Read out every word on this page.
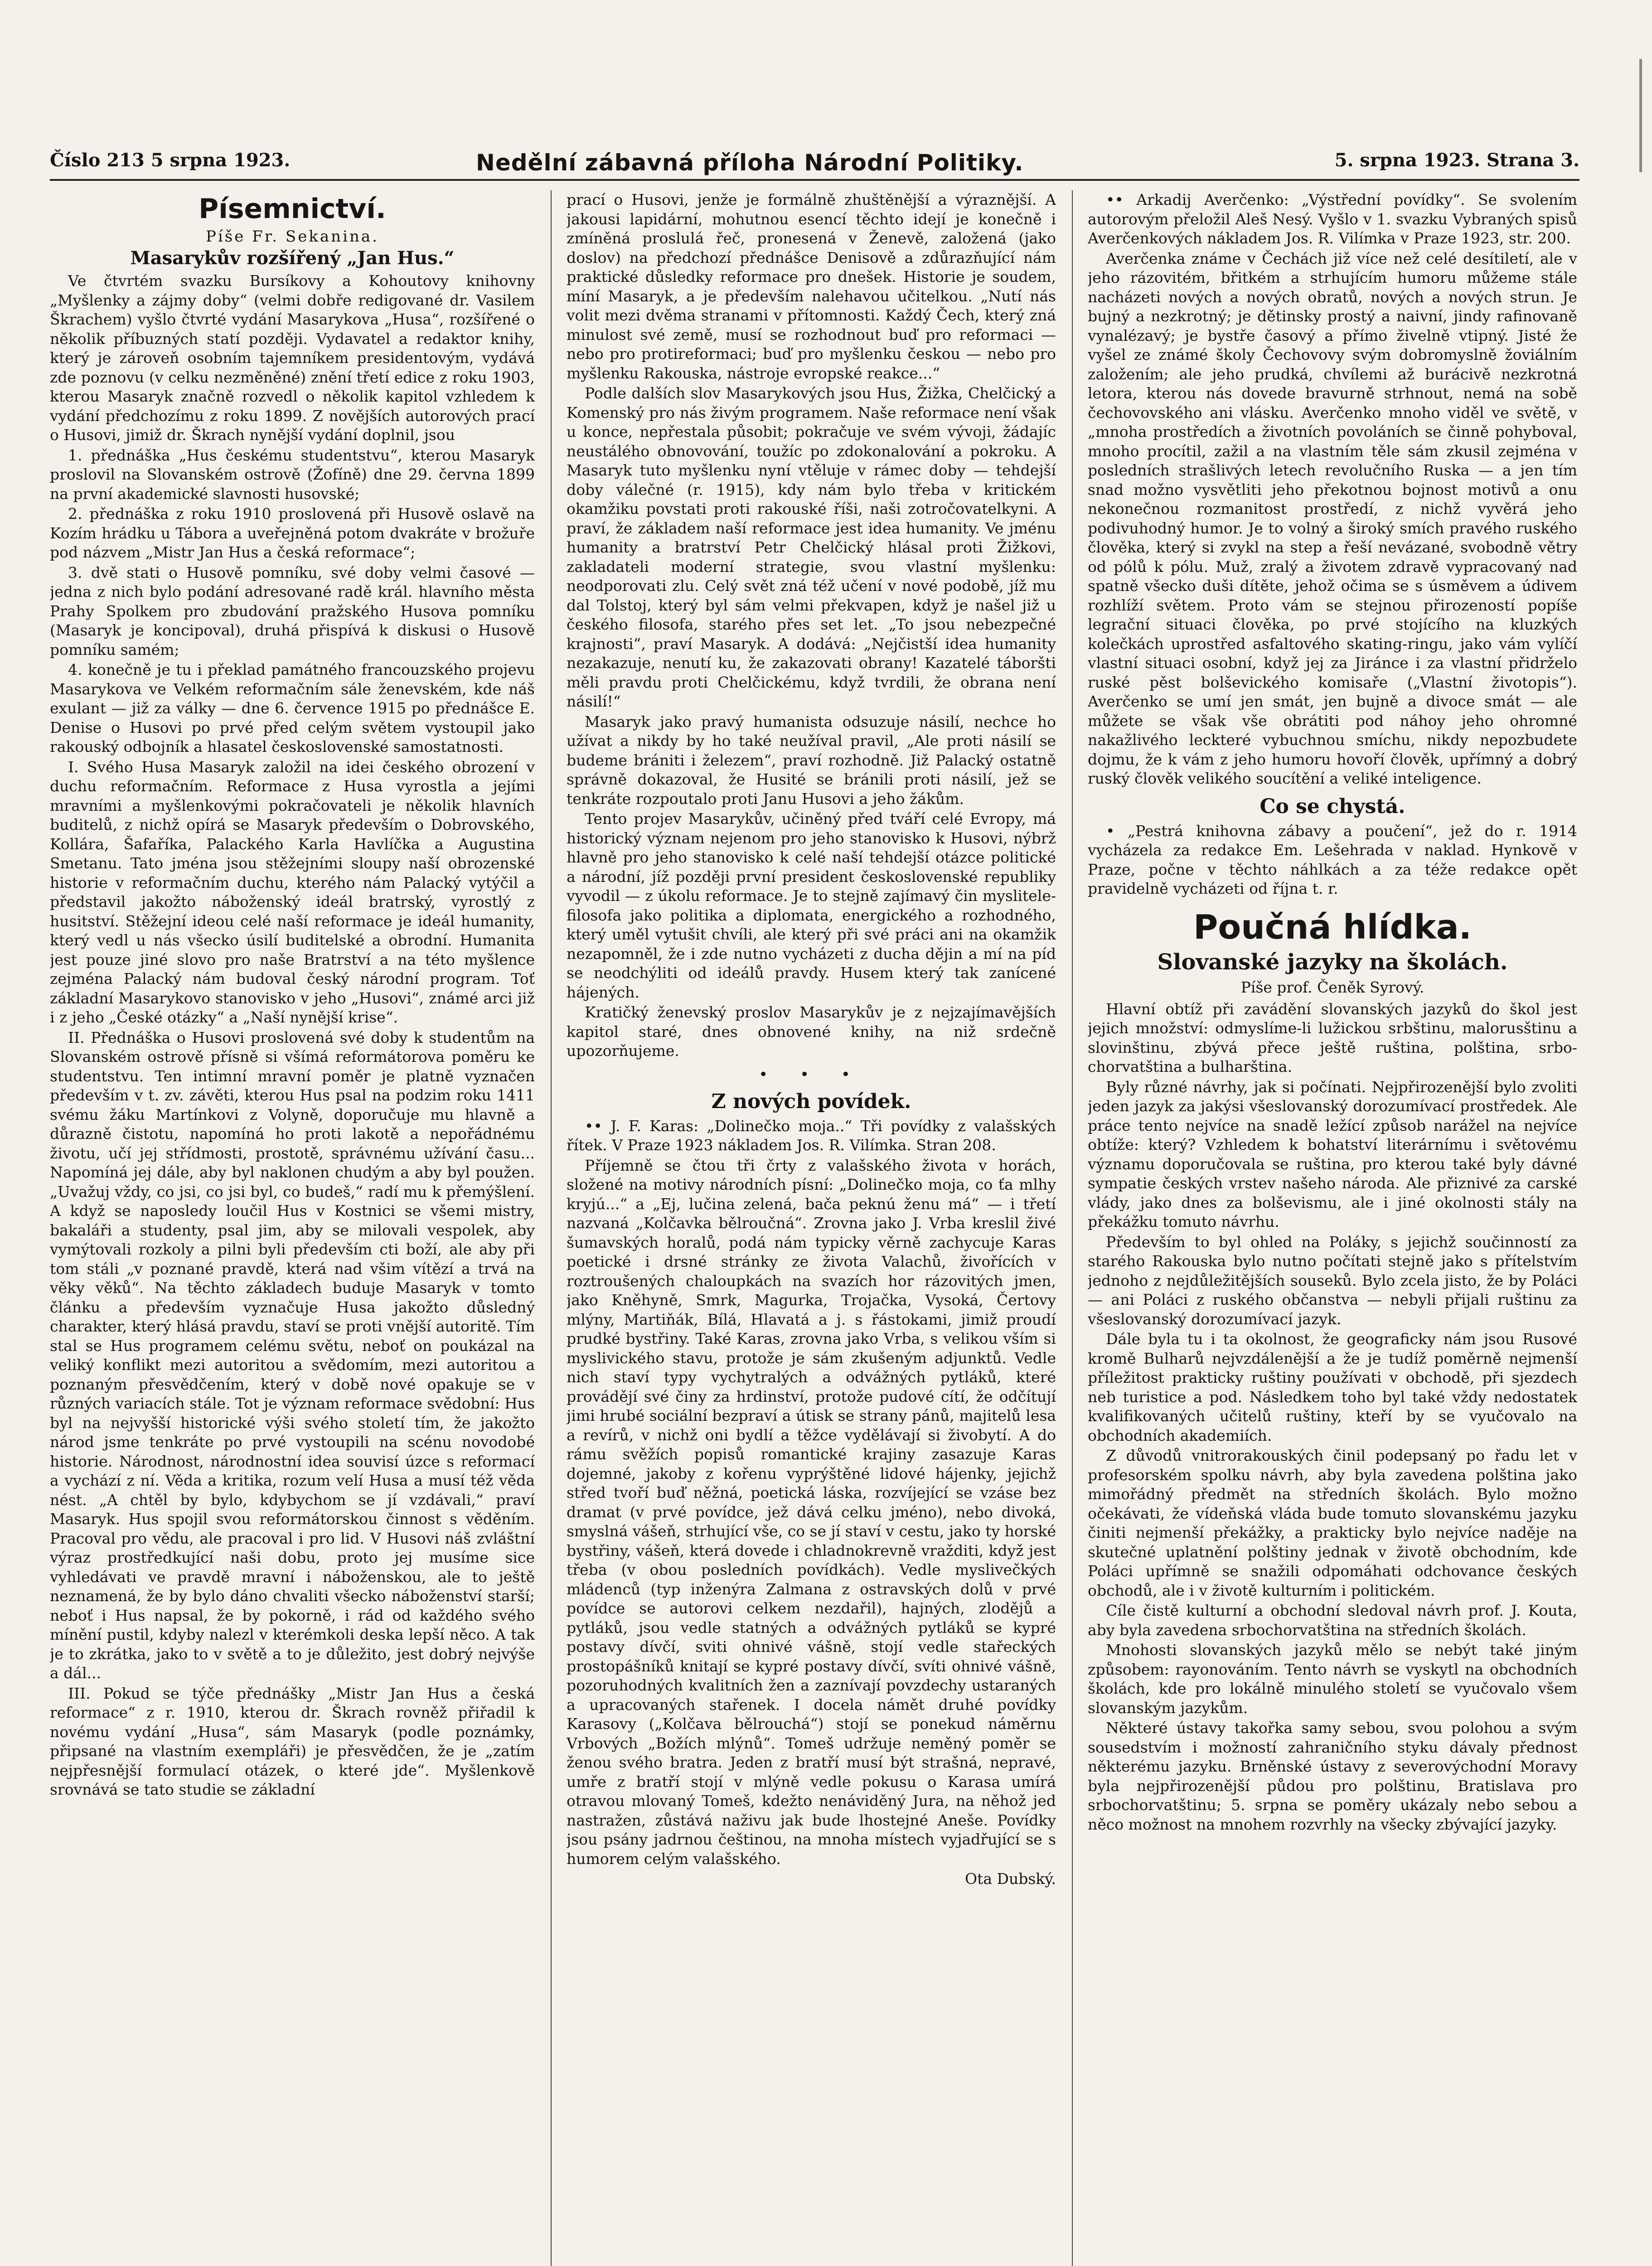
Číslo 213 5 srpna 1923.	Nedělní zábavná příloha Národní Politiky.	5. srpna 1923. Strana 3.
Písemnictví.
Píše Fr. Sekanina.
Masarykův rozšířený „Jan Hus.“

Ve čtvrtém svazku Bursíkovy a Kohoutovy knihovny „Myšlenky a zájmy doby“ (velmi dobře redigované dr. Vasilem Škrachem) vyšlo čtvrté vydání Masarykova „Husa“, rozšířené o několik příbuzných statí později. Vydavatel a redaktor knihy, který je zároveň osobním tajemníkem presidentovým, vydává zde poznovu (v celku nezměněné) znění třetí edice z roku 1903, kterou Masaryk značně rozvedl o několik kapitol vzhledem k vydání předchozímu z roku 1899. Z novějších autorových prací o Husovi, jimiž dr. Škrach nynější vydání doplnil, jsou

1. přednáška „Hus českému studentstvu“, kterou Masaryk proslovil na Slovanském ostrově (Žofíně) dne 29. června 1899 na první akademické slavnosti husovské;

2. přednáška z roku 1910 proslovená při Husově oslavě na Kozím hrádku u Tábora a uveřejněná potom dvakráte v brožuře pod názvem „Mistr Jan Hus a česká reformace“;

3. dvě stati o Husově pomníku, své doby velmi časové — jedna z nich bylo podání adresované radě král. hlavního města Prahy Spolkem pro zbudování pražského Husova pomníku (Masaryk je koncipoval), druhá přispívá k diskusi o Husově pomníku samém;

4. konečně je tu i překlad památného francouzského projevu Masarykova ve Velkém reformačním sále ženevském, kde náš exulant — již za války — dne 6. července 1915 po přednášce E. Denise o Husovi po prvé před celým světem vystoupil jako rakouský odbojník a hlasatel československé samostatnosti.

I. Svého Husa Masaryk založil na idei českého obrození v duchu reformačním. Reformace z Husa vyrostla a jejími mravními a myšlenkovými pokračovateli je několik hlavních buditelů, z nichž opírá se Masaryk především o Dobrovského, Kollára, Šafaříka, Palackého Karla Havlíčka a Augustina Smetanu. Tato jména jsou stěžejními sloupy naší obrozenské historie v reformačním duchu, kterého nám Palacký vytýčil a představil jakožto náboženský ideál bratrský, vyrostlý z husitství. Stěžejní ideou celé naší reformace je ideál humanity, který vedl u nás všecko úsilí buditelské a obrodní. Humanita jest pouze jiné slovo pro naše Bratrství a na této myšlence zejména Palacký nám budoval český národní program. Toť základní Masarykovo stanovisko v jeho „Husovi“, známé arci již i z jeho „České otázky“ a „Naší nynější krise“.

II. Přednáška o Husovi proslovená své doby k studentům na Slovanském ostrově přísně si všímá reformátorova poměru ke studentstvu. Ten intimní mravní poměr je platně vyznačen především v t. zv. závěti, kterou Hus psal na podzim roku 1411 svému žáku Martínkovi z Volyně, doporučuje mu hlavně a důrazně čistotu, napomíná ho proti lakotě a nepořádnému životu, učí jej střídmosti, prostotě, správnému užívání času... Napomíná jej dále, aby byl naklonen chudým a aby byl použen. „Uvažuj vždy, co jsi, co jsi byl, co budeš,“ radí mu k přemýšlení. A když se naposledy loučil Hus v Kostnici se všemi mistry, bakaláři a studenty, psal jim, aby se milovali vespolek, aby vymýtovali rozkoly a pilni byli především cti boží, ale aby při tom stáli „v poznané pravdě, která nad všim vítězí a trvá na věky věků“. Na těchto základech buduje Masaryk v tomto článku a především vyznačuje Husa jakožto důsledný charakter, který hlásá pravdu, staví se proti vnější autoritě. Tím stal se Hus programem celému světu, neboť on poukázal na veliký konflikt mezi autoritou a svědomím, mezi autoritou a poznaným přesvědčením, který v době nové opakuje se v různých variacích stále. Tot je význam reformace svědobní: Hus byl na nejvyšší historické výši svého století tím, že jakožto národ jsme tenkráte po prvé vystoupili na scénu novodobé historie. Národnost, národnostní idea souvisí úzce s reformací a vychází z ní. Věda a kritika, rozum velí Husa a musí též věda nést. „A chtěl by bylo, kdybychom se jí vzdávali,“ praví Masaryk. Hus spojil svou reformátorskou činnost s věděním. Pracoval pro vědu, ale pracoval i pro lid. V Husovi náš zvláštní výraz prostředkující naši dobu, proto jej musíme sice vyhledávati ve pravdě mravní i náboženskou, ale to ještě neznamená, že by bylo dáno chvaliti všecko náboženství starší; neboť i Hus napsal, že by pokorně, i rád od každého svého mínění pustil, kdyby nalezl v kterémkoli deska lepší něco. A tak je to zkrátka, jako to v světě a to je důležito, jest dobrý nejvýše a dál...

III. Pokud se týče přednášky „Mistr Jan Hus a česká reformace“ z r. 1910, kterou dr. Škrach rovněž přiřadil k novému vydání „Husa“, sám Masaryk (podle poznámky, připsané na vlastním exempláři) je přesvědčen, že je „zatím nejpřesnější formulací otázek, o které jde“. Myšlenkově srovnává se tato studie se základní

prací o Husovi, jenže je formálně zhuštěnější a výraznější. A jakousi lapidární, mohutnou esencí těchto idejí je konečně i zmíněná proslulá řeč, pronesená v Ženevě, založená (jako doslov) na předchozí přednášce Denisově a zdůrazňující nám praktické důsledky reformace pro dnešek. Historie je soudem, míní Masaryk, a je především nalehavou učitelkou. „Nutí nás volit mezi dvěma stranami v přítomnosti. Každý Čech, který zná minulost své země, musí se rozhodnout buď pro reformaci — nebo pro protireformaci; buď pro myšlenku českou — nebo pro myšlenku Rakouska, nástroje evropské reakce...“

Podle dalších slov Masarykových jsou Hus, Žižka, Chelčický a Komenský pro nás živým programem. Naše reformace není však u konce, nepřestala působit; pokračuje ve svém vývoji, žádajíc neustálého obnovování, toužíc po zdokonalování a pokroku. A Masaryk tuto myšlenku nyní vtěluje v rámec doby — tehdejší doby válečné (r. 1915), kdy nám bylo třeba v kritickém okamžiku povstati proti rakouské říši, naši zotročovatelkyni. A praví, že základem naší reformace jest idea humanity. Ve jménu humanity a bratrství Petr Chelčický hlásal proti Žižkovi, zakladateli moderní strategie, svou vlastní myšlenku: neodporovati zlu. Celý svět zná též učení v nové podobě, jíž mu dal Tolstoj, který byl sám velmi překvapen, když je našel již u českého filosofa, starého přes set let. „To jsou nebezpečné krajnosti“, praví Masaryk. A dodává: „Nejčistší idea humanity nezakazuje, nenutí ku, že zakazovati obrany! Kazatelé táboršti měli pravdu proti Chelčickému, když tvrdili, že obrana není násilí!“

Masaryk jako pravý humanista odsuzuje násilí, nechce ho užívat a nikdy by ho také neužíval pravil, „Ale proti násilí se budeme brániti i železem“, praví rozhodně. Již Palacký ostatně správně dokazoval, že Husité se bránili proti násilí, jež se tenkráte rozpoutalo proti Janu Husovi a jeho žákům.

Tento projev Masarykův, učiněný před tváří celé Evropy, má historický význam nejenom pro jeho stanovisko k Husovi, nýbrž hlavně pro jeho stanovisko k celé naší tehdejší otázce politické a národní, jíž později první president československé republiky vyvodil — z úkolu reformace. Je to stejně zajímavý čin myslitele-filosofa jako politika a diplomata, energického a rozhodného, který uměl vytušit chvíli, ale který při své práci ani na okamžik nezapomněl, že i zde nutno vycházeti z ducha dějin a mí na píd se neodchýliti od ideálů pravdy. Husem který tak zanícené hájených.

Kratičký ženevský proslov Masarykův je z nejzajímavějších kapitol staré, dnes obnovené knihy, na niž srdečně upozorňujeme.

• • •
Z nových povídek.

•• J. F. Karas: „Dolinečko moja..“ Tři povídky z valašských řítek. V Praze 1923 nákladem Jos. R. Vilímka. Stran 208.

Příjemně se čtou tři črty z valašského života v horách, složené na motivy národních písní: „Dolinečko moja, co ťa mlhy kryjú...“ a „Ej, lučina zelená, bača peknú ženu má“ — i třetí nazvaná „Kolčavka bělroučná“. Zrovna jako J. Vrba kreslil živé šumavských horalů, podá nám typicky věrně zachycuje Karas poetické i drsné stránky ze života Valachů, živořících v roztroušených chaloupkách na svazích hor rázovitých jmen, jako Kněhyně, Smrk, Magurka, Trojačka, Vysoká, Čertovy mlýny, Martiňák, Bílá, Hlavatá a j. s řástokami, jimiž proudí prudké bystřiny. Také Karas, zrovna jako Vrba, s velikou vším si myslivického stavu, protože je sám zkušeným adjunktů. Vedle nich staví typy vychytralých a odvážných pytláků, které provádějí své činy za hrdinství, protože pudové cítí, že odčítují jimi hrubé sociální bezpraví a útisk se strany pánů, majitelů lesa a revírů, v nichž oni bydlí a těžce vydělávají si živobytí. A do rámu svěžích popisů romantické krajiny zasazuje Karas dojemné, jakoby z kořenu vyprýštěné lidové hájenky, jejichž střed tvoří buď něžná, poetická láska, rozvíjející se vzáse bez dramat (v prvé povídce, jež dává celku jméno), nebo divoká, smyslná vášeň, strhující vše, co se jí staví v cestu, jako ty horské bystřiny, vášeň, která dovede i chladnokrevně vražditi, když jest třeba (v obou posledních povídkách). Vedle myslivečkých mládenců (typ inženýra Zalmana z ostravských dolů v prvé povídce se autorovi celkem nezdařil), hajných, zlodějů a pytláků, jsou vedle statných a odvážných pytláků se kypré postavy dívčí, sviti ohnivé vášně, stojí vedle stařeckých prostopášníků knitají se kypré postavy dívčí, svíti ohnivé vášně, pozoruhodných kvalitních žen a zaznívají povzdechy ustaraných a upracovaných stařenek. I docela námět druhé povídky Karasovy („Kolčava bělrouchá“) stojí se ponekud náměrnu Vrbových „Božích mlýnů“. Tomeš udržuje neměný poměr se ženou svého bratra. Jeden z bratří musí být strašná, nepravé, umře z bratří stojí v mlýně vedle pokusu o Karasa umírá otravou mlovaný Tomeš, kdežto nenáviděný Jura, na něhož jed nastražen, zůstává naživu jak bude lhostejné Aneše. Povídky jsou psány jadrnou češtinou, na mnoha místech vyjadřující se s humorem celým valašského.

Ota Dubský.

•• Arkadij Averčenko: „Výstřední povídky“. Se svolením autorovým přeložil Aleš Nesý. Vyšlo v 1. svazku Vybraných spisů Averčenkových nákladem Jos. R. Vilímka v Praze 1923, str. 200.

Averčenka známe v Čechách již více než celé desítiletí, ale v jeho rázovitém, břitkém a strhujícím humoru můžeme stále nacházeti nových a nových obratů, nových a nových strun. Je bujný a nezkrotný; je dětinsky prostý a naivní, jindy rafinovaně vynalézavý; je bystře časový a přímo živelně vtipný. Jisté že vyšel ze známé školy Čechovovy svým dobromyslně žoviálním založením; ale jeho prudká, chvílemi až burácivě nezkrotná letora, kterou nás dovede bravurně strhnout, nemá na sobě čechovovského ani vlásku. Averčenko mnoho viděl ve světě, v „mnoha prostředích a životních povoláních se činně pohyboval, mnoho procítil, zažil a na vlastním těle sám zkusil zejména v posledních strašlivých letech revolučního Ruska — a jen tím snad možno vysvětliti jeho překotnou bojnost motivů a onu nekonečnou rozmanitost prostředí, z nichž vyvěrá jeho podivuhodný humor. Je to volný a široký smích pravého ruského člověka, který si zvykl na step a řeší nevázané, svobodně větry od pólů k pólu. Muž, zralý a životem zdravě vypracovaný nad spatně všecko duši dítěte, jehož očima se s úsměvem a údivem rozhlíží světem. Proto vám se stejnou přirozeností popíše legrační situaci člověka, po prvé stojícího na kluzkých kolečkách uprostřed asfaltového skating-ringu, jako vám vylíčí vlastní situaci osobní, když jej za Jiránce i za vlastní přidrželo ruské pěst bolševického komisaře („Vlastní životopis“). Averčenko se umí jen smát, jen bujně a divoce smát — ale můžete se však vše obrátiti pod náhoy jeho ohromné nakažlivého leckteré vybuchnou smíchu, nikdy nepozbudete dojmu, že k vám z jeho humoru hovoří člověk, upřímný a dobrý ruský člověk velikého soucítění a veliké inteligence.

Co se chystá.

• „Pestrá knihovna zábavy a poučení“, jež do r. 1914 vycházela za redakce Em. Lešehrada v naklad. Hynkově v Praze, počne v těchto náhlkách a za téže redakce opět pravidelně vycházeti od října t. r.

Poučná hlídka.
Slovanské jazyky na školách.
Píše prof. Čeněk Syrový.

Hlavní obtíž při zavádění slovanských jazyků do škol jest jejich množství: odmyslíme-li lužickou srbštinu, malorusštinu a slovinštinu, zbývá přece ještě ruština, polština, srbo-chorvatština a bulharština.

Byly různé návrhy, jak si počínati. Nejpřirozenější bylo zvoliti jeden jazyk za jakýsi všeslovanský dorozumívací prostředek. Ale práce tento nejvíce na snadě ležící způsob narážel na nejvíce obtíže: který? Vzhledem k bohatství literárnímu i světovému významu doporučovala se ruština, pro kterou také byly dávné sympatie českých vrstev našeho národa. Ale přiznivé za carské vlády, jako dnes za bolševismu, ale i jiné okolnosti stály na překážku tomuto návrhu.

Především to byl ohled na Poláky, s jejichž součinností za starého Rakouska bylo nutno počítati stejně jako s přítelstvím jednoho z nejdůležitějších souseků. Bylo zcela jisto, že by Poláci — ani Poláci z ruského občanstva — nebyli přijali ruštinu za všeslovanský dorozumívací jazyk.

Dále byla tu i ta okolnost, že geograficky nám jsou Rusové kromě Bulharů nejvzdálenější a že je tudíž poměrně nejmenší příležitost prakticky ruštiny používati v obchodě, při sjezdech neb turistice a pod. Následkem toho byl také vždy nedostatek kvalifikovaných učitelů ruštiny, kteří by se vyučovalo na obchodních akademiích.

Z důvodů vnitrorakouských činil podepsaný po řadu let v profesorském spolku návrh, aby byla zavedena polština jako mimořádný předmět na středních školách. Bylo možno očekávati, že vídeňská vláda bude tomuto slovanskému jazyku činiti nejmenší překážky, a prakticky bylo nejvíce naděje na skutečné uplatnění polštiny jednak v životě obchodním, kde Poláci upřímně se snažili odpomáhati odchovance českých obchodů, ale i v životě kulturním i politickém.

Cíle čistě kulturní a obchodní sledoval návrh prof. J. Kouta, aby byla zavedena srbochorvatština na středních školách.

Mnohosti slovanských jazyků mělo se nebýt také jiným způsobem: rayonováním. Tento návrh se vyskytl na obchodních školách, kde pro lokálně minulého století se vyučovalo všem slovanským jazykům.

Některé ústavy takořka samy sebou, svou polohou a svým sousedstvím i možností zahraničního styku dávaly přednost některému jazyku. Brněnské ústavy z severovýchodní Moravy byla nejpřirozenější půdou pro polštinu, Bratislava pro srbochorvatštinu; 5. srpna se poměry ukázaly nebo sebou a něco možnost na mnohem rozvrhly na všecky zbývající jazyky.
